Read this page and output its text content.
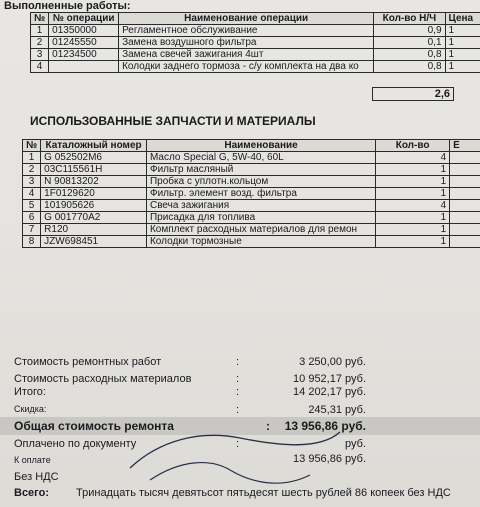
Выполненные работы:
№	№ операции	Наименование операции	Кол-во Н/Ч	Цена
1	01350000	Регламентное обслуживание	0,9	1
2	01245550	Замена воздушного фильтра	0,1	1
3	01234500	Замена свечей зажигания 4шт	0,8	1
4		Колодки заднего тормоза - с/у комплекта на два ко	0,8	1
2,6
ИСПОЛЬЗОВАННЫЕ ЗАПЧАСТИ И МАТЕРИАЛЫ
№	Каталожный номер	Наименование	Кол-во	Е
1	G 052502M6	Масло Special G, 5W-40, 60L	4	
2	03C115561H	Фильтр масляный	1	
3	N 90813202	Пробка с уплотн.кольцом	1	
4	1F0129620	Фильтр. элемент возд. фильтра	1	
5	101905626	Свеча зажигания	4	
6	G 001770A2	Присадка для топлива	1	
7	R120	Комплект расходных материалов для ремон	1	
8	JZW698451	Колодки тормозные	1	
Стоимость ремонтных работ	:	3 250,00 руб.
Стоимость расходных материалов	:	10 952,17 руб.
Итого:	:	14 202,17 руб.
Скидка:	:	245,31 руб.
Общая стоимость ремонта	:	13 956,86 руб.
Оплачено по документу	:	руб.
К оплате	13 956,86 руб.
Без НДС
Всего: Тринадцать тысяч девятьсот пятьдесят шесть рублей 86 копеек без НДС
